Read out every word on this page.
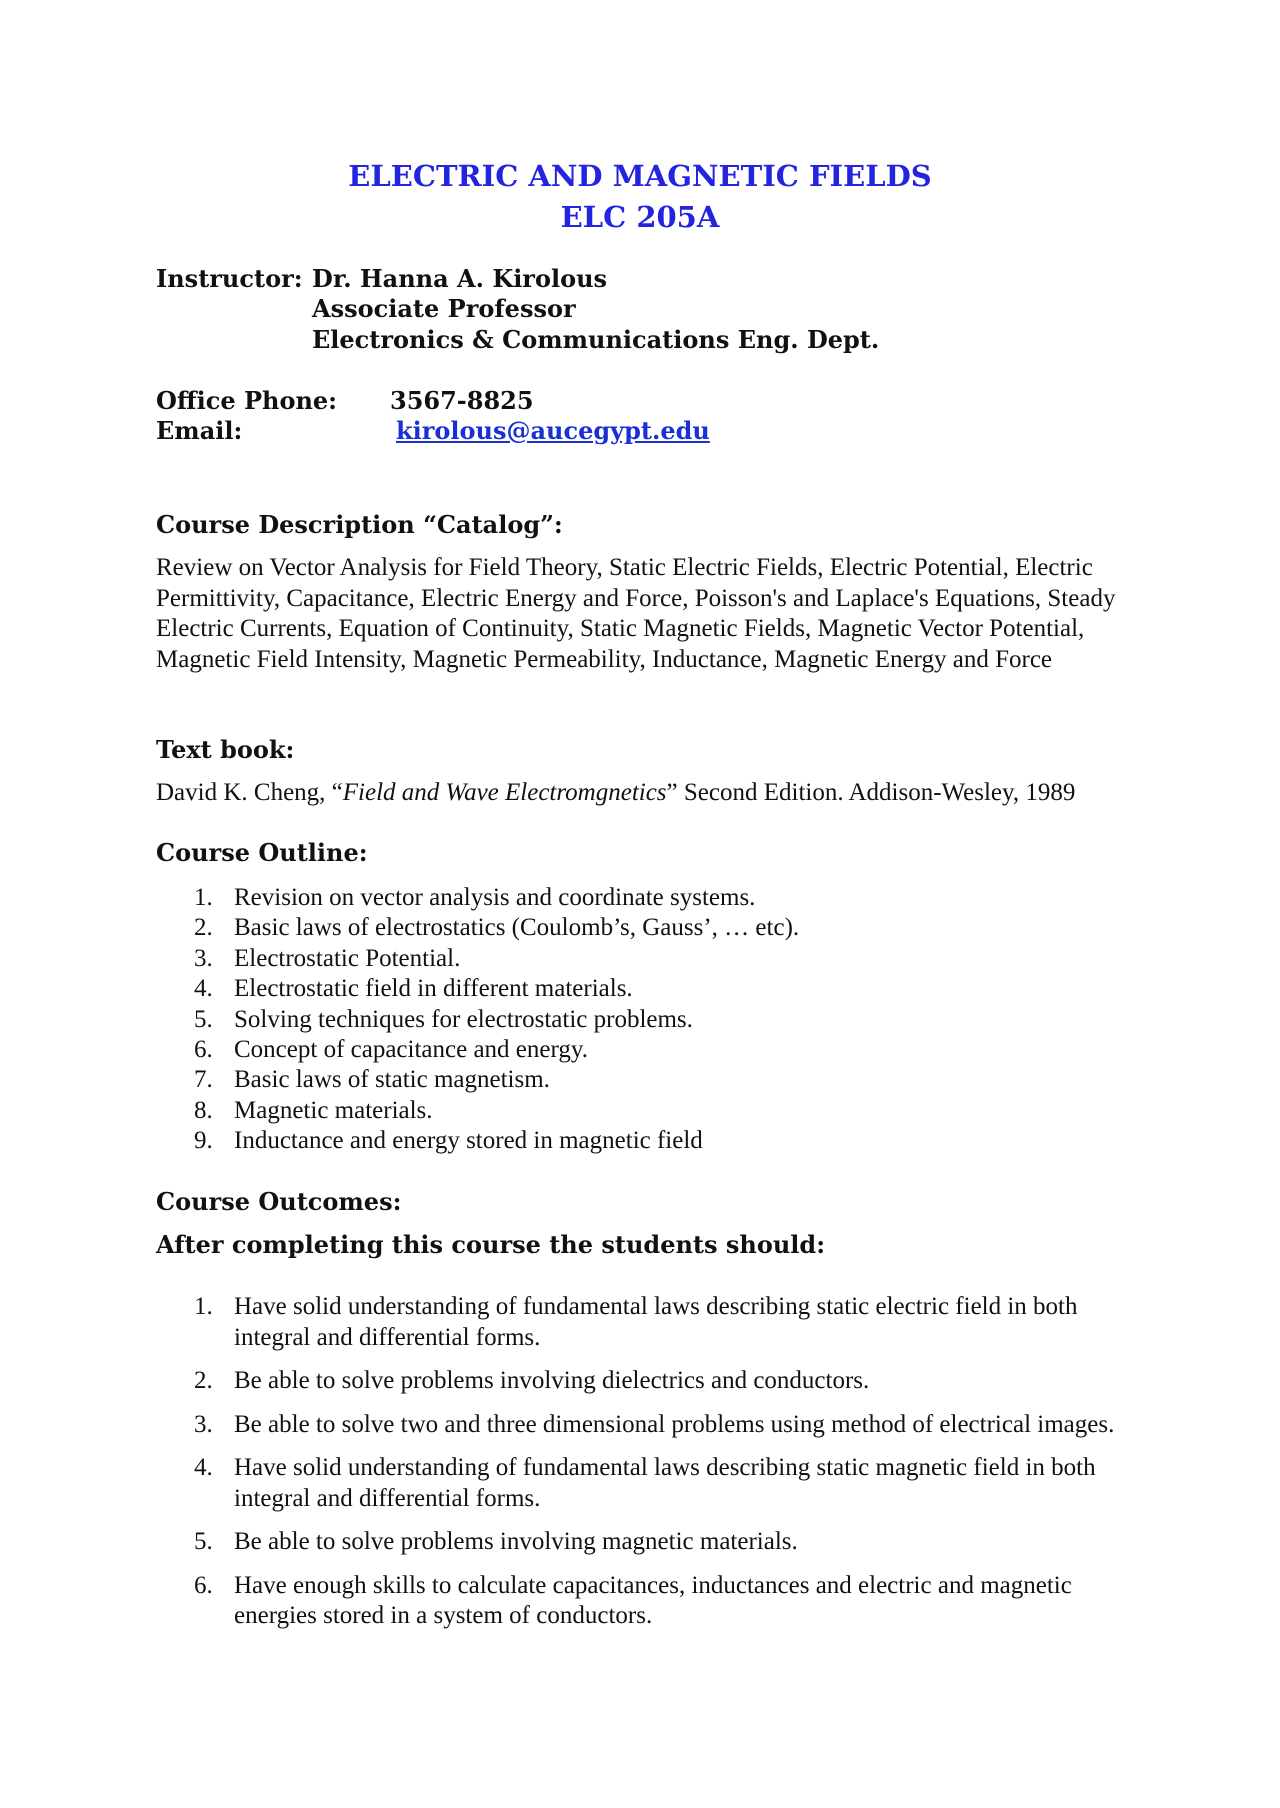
ELECTRIC AND MAGNETIC FIELDS
ELC 205A
Instructor: Dr. Hanna A. Kirolous
Associate Professor
Electronics & Communications Eng. Dept.
Office Phone: 3567-8825
Email:	kirolous@aucegypt.edu
Course Description “Catalog”:
Review on Vector Analysis for Field Theory, Static Electric Fields, Electric Potential, Electric Permittivity, Capacitance, Electric Energy and Force, Poisson's and Laplace's Equations, Steady Electric Currents, Equation of Continuity, Static Magnetic Fields, Magnetic Vector Potential, Magnetic Field Intensity, Magnetic Permeability, Inductance, Magnetic Energy and Force
Text book:
David K. Cheng, “Field and Wave Electromgnetics” Second Edition. Addison-Wesley, 1989
Course Outline:
1. Revision on vector analysis and coordinate systems.
2. Basic laws of electrostatics (Coulomb’s, Gauss’, … etc).
3. Electrostatic Potential.
4. Electrostatic field in different materials.
5. Solving techniques for electrostatic problems.
6. Concept of capacitance and energy.
7. Basic laws of static magnetism.
8. Magnetic materials.
9. Inductance and energy stored in magnetic field
Course Outcomes:
After completing this course the students should:
1. Have solid understanding of fundamental laws describing static electric field in both integral and differential forms.
2. Be able to solve problems involving dielectrics and conductors.
3. Be able to solve two and three dimensional problems using method of electrical images.
4. Have solid understanding of fundamental laws describing static magnetic field in both integral and differential forms.
5. Be able to solve problems involving magnetic materials.
6. Have enough skills to calculate capacitances, inductances and electric and magnetic energies stored in a system of conductors.
